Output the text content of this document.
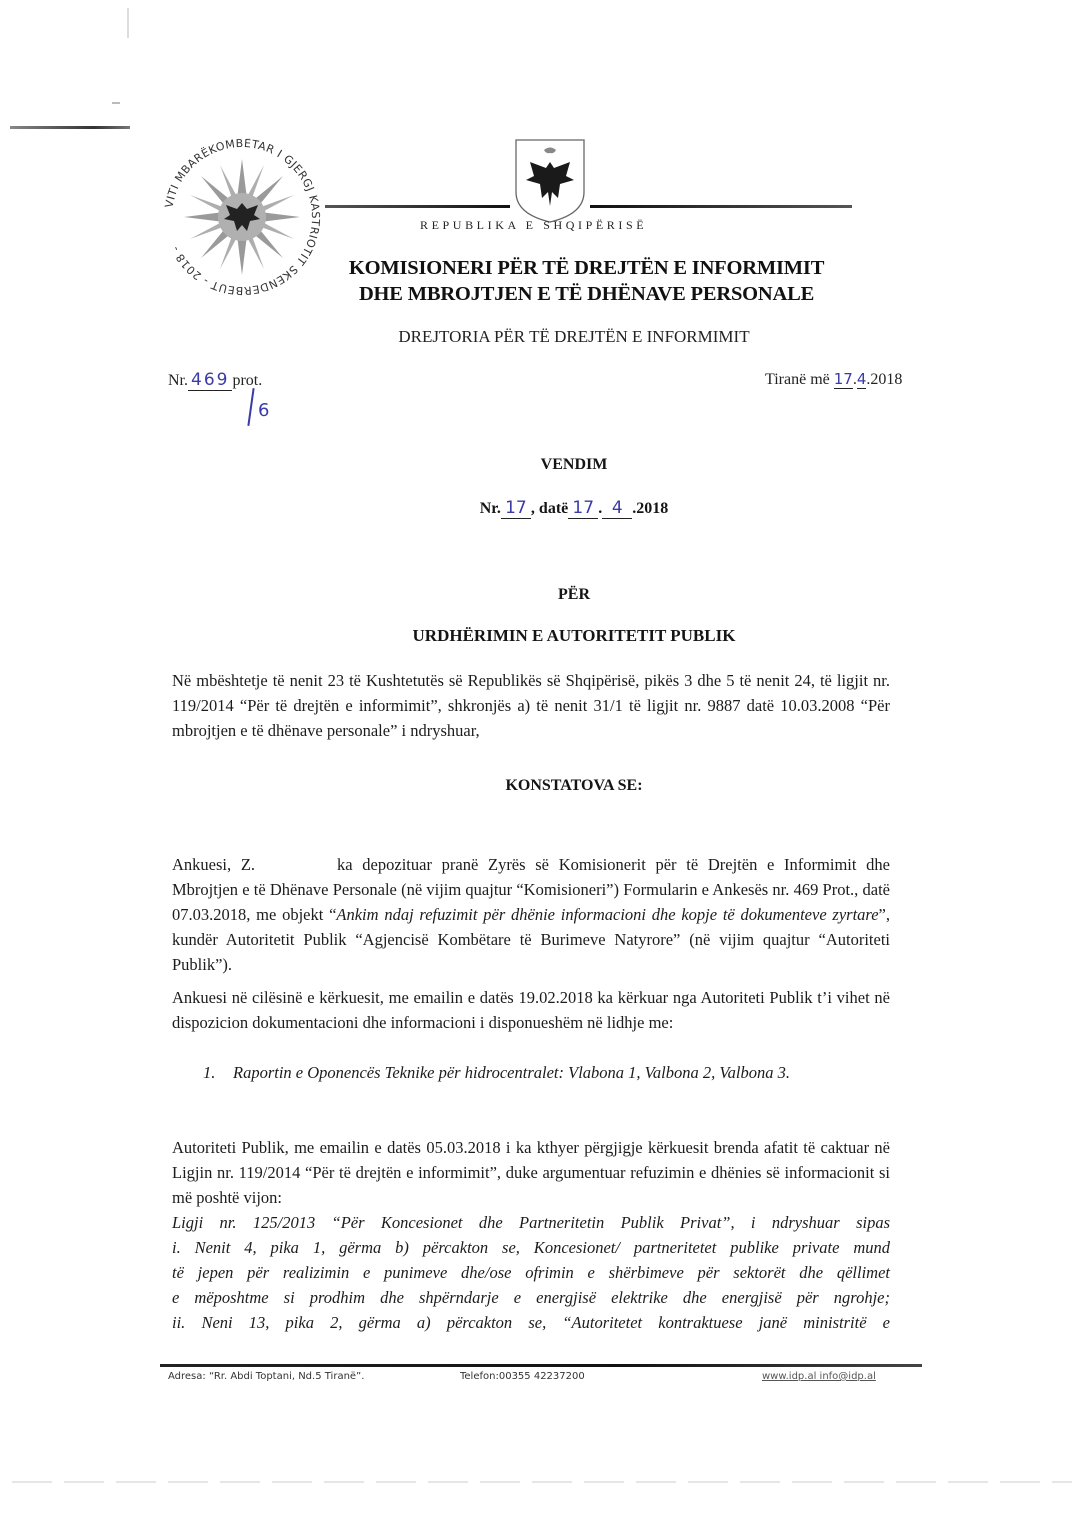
VITI MBARËKOMBËTAR I GJERGJ KASTRIOTIT SKENDERBEUT - 2018 -
REPUBLIKA E SHQIPËRISË
KOMISIONERI PËR TË DREJTËN E INFORMIMIT
DHE MBROJTJEN E TË DHËNAVE PERSONALE
DREJTORIA PËR TË DREJTËN E INFORMIMIT
Nr. 469 prot.
6
Tiranë më 17.4.2018
VENDIM
Nr. 17 , datë 17 . 4 .2018
PËR
URDHËRIMIN E AUTORITETIT PUBLIK
Në mbështetje të nenit 23 të Kushtetutës së Republikës së Shqipërisë, pikës 3 dhe 5 të nenit 24, të ligjit nr. 119/2014 “Për të drejtën e informimit”, shkronjës a) të nenit 31/1 të ligjit nr. 9887 datë 10.03.2008 “Për mbrojtjen e të dhënave personale” i ndryshuar,
KONSTATOVA SE:
Ankuesi, Z.	ka depozituar pranë Zyrës së Komisionerit për të Drejtën e Informimit dhe Mbrojtjen e të Dhënave Personale (në vijim quajtur “Komisioneri”) Formularin e Ankesës nr. 469 Prot., datë 07.03.2018, me objekt “Ankim ndaj refuzimit për dhënie informacioni dhe kopje të dokumenteve zyrtare”, kundër Autoritetit Publik “Agjencisë Kombëtare të Burimeve Natyrore” (në vijim quajtur “Autoriteti Publik”).
Ankuesi në cilësinë e kërkuesit, me emailin e datës 19.02.2018 ka kërkuar nga Autoriteti Publik t’i vihet në dispozicion dokumentacioni dhe informacioni i disponueshëm në lidhje me:
1. Raportin e Oponencës Teknike për hidrocentralet: Vlabona 1, Valbona 2, Valbona 3.
Autoriteti Publik, me emailin e datës 05.03.2018 i ka kthyer përgjigje kërkuesit brenda afatit të caktuar në Ligjin nr. 119/2014 “Për të drejtën e informimit”, duke argumentuar refuzimin e dhënies së informacionit si më poshtë vijon:
Ligji nr. 125/2013 “Për Koncesionet dhe Partneritetin Publik Privat”, i ndryshuar sipas
i. Nenit 4, pika 1, gërma b) përcakton se, Koncesionet/ partneritetet publike private mund
të jepen për realizimin e punimeve dhe/ose ofrimin e shërbimeve për sektorët dhe qëllimet
e mëposhtme si prodhim dhe shpërndarje e energjisë elektrike dhe energjisë për ngrohje;
ii. Neni 13, pika 2, gërma a) përcakton se, “Autoritetet kontraktuese janë ministritë e
Adresa: “Rr. Abdi Toptani, Nd.5 Tiranë”.	Telefon:00355 42237200	www.idp.al info@idp.al
